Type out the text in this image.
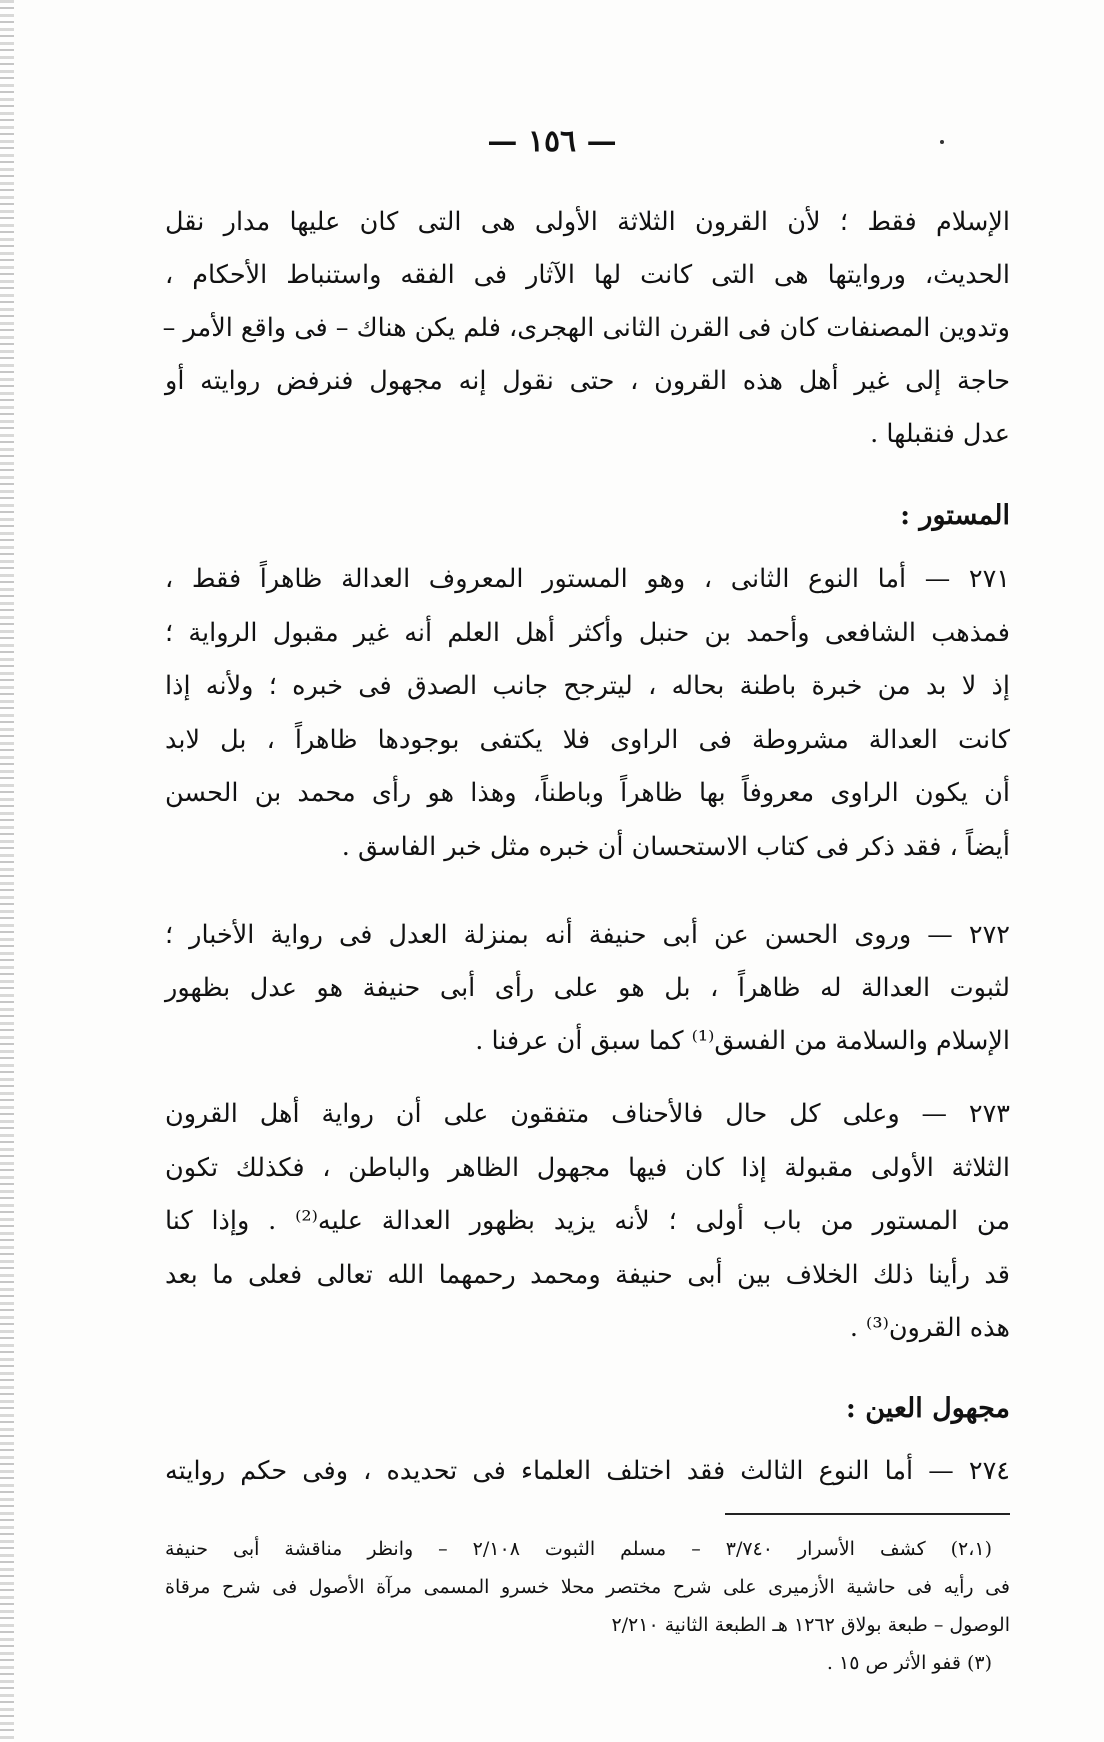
— ١٥٦ —
الإسلام فقط ؛ لأن القرون الثلاثة الأولى هى التى كان عليها مدار نقل
الحديث، وروايتها هى التى كانت لها الآثار فى الفقه واستنباط الأحكام ،
وتدوين المصنفات كان فى القرن الثانى الهجرى، فلم يكن هناك – فى واقع الأمر –
حاجة إلى غير أهل هذه القرون ، حتى نقول إنه مجهول فنرفض روايته أو
عدل فنقبلها .
المستور :
٢٧١ — أما النوع الثانى ، وهو المستور المعروف العدالة ظاهراً فقط ،
فمذهب الشافعى وأحمد بن حنبل وأكثر أهل العلم أنه غير مقبول الرواية ؛
إذ لا بد من خبرة باطنة بحاله ، ليترجح جانب الصدق فى خبره ؛ ولأنه إذا
كانت العدالة مشروطة فى الراوى فلا يكتفى بوجودها ظاهراً ، بل لابد
أن يكون الراوى معروفاً بها ظاهراً وباطناً، وهذا هو رأى محمد بن الحسن
أيضاً ، فقد ذكر فى كتاب الاستحسان أن خبره مثل خبر الفاسق .
٢٧٢ — وروى الحسن عن أبى حنيفة أنه بمنزلة العدل فى رواية الأخبار ؛
لثبوت العدالة له ظاهراً ، بل هو على رأى أبى حنيفة هو عدل بظهور
الإسلام والسلامة من الفسق⁽¹⁾ كما سبق أن عرفنا .
٢٧٣ — وعلى كل حال فالأحناف متفقون على أن رواية أهل القرون
الثلاثة الأولى مقبولة إذا كان فيها مجهول الظاهر والباطن ، فكذلك تكون
من المستور من باب أولى ؛ لأنه يزيد بظهور العدالة عليه⁽²⁾ . وإذا كنا
قد رأينا ذلك الخلاف بين أبى حنيفة ومحمد رحمهما الله تعالى فعلى ما بعد
هذه القرون⁽³⁾ .
مجهول العين :
٢٧٤ — أما النوع الثالث فقد اختلف العلماء فى تحديده ، وفى حكم روايته
(٢،١) كشف الأسرار ٣/٧٤٠ – مسلم الثبوت ٢/١٠٨ – وانظر مناقشة أبى حنيفة
فى رأيه فى حاشية الأزميرى على شرح مختصر محلا خسرو المسمى مرآة الأصول فى شرح مرقاة
الوصول – طبعة بولاق ١٢٦٢ هـ الطبعة الثانية ٢/٢١٠
(٣) قفو الأثر ص ١٥ .
